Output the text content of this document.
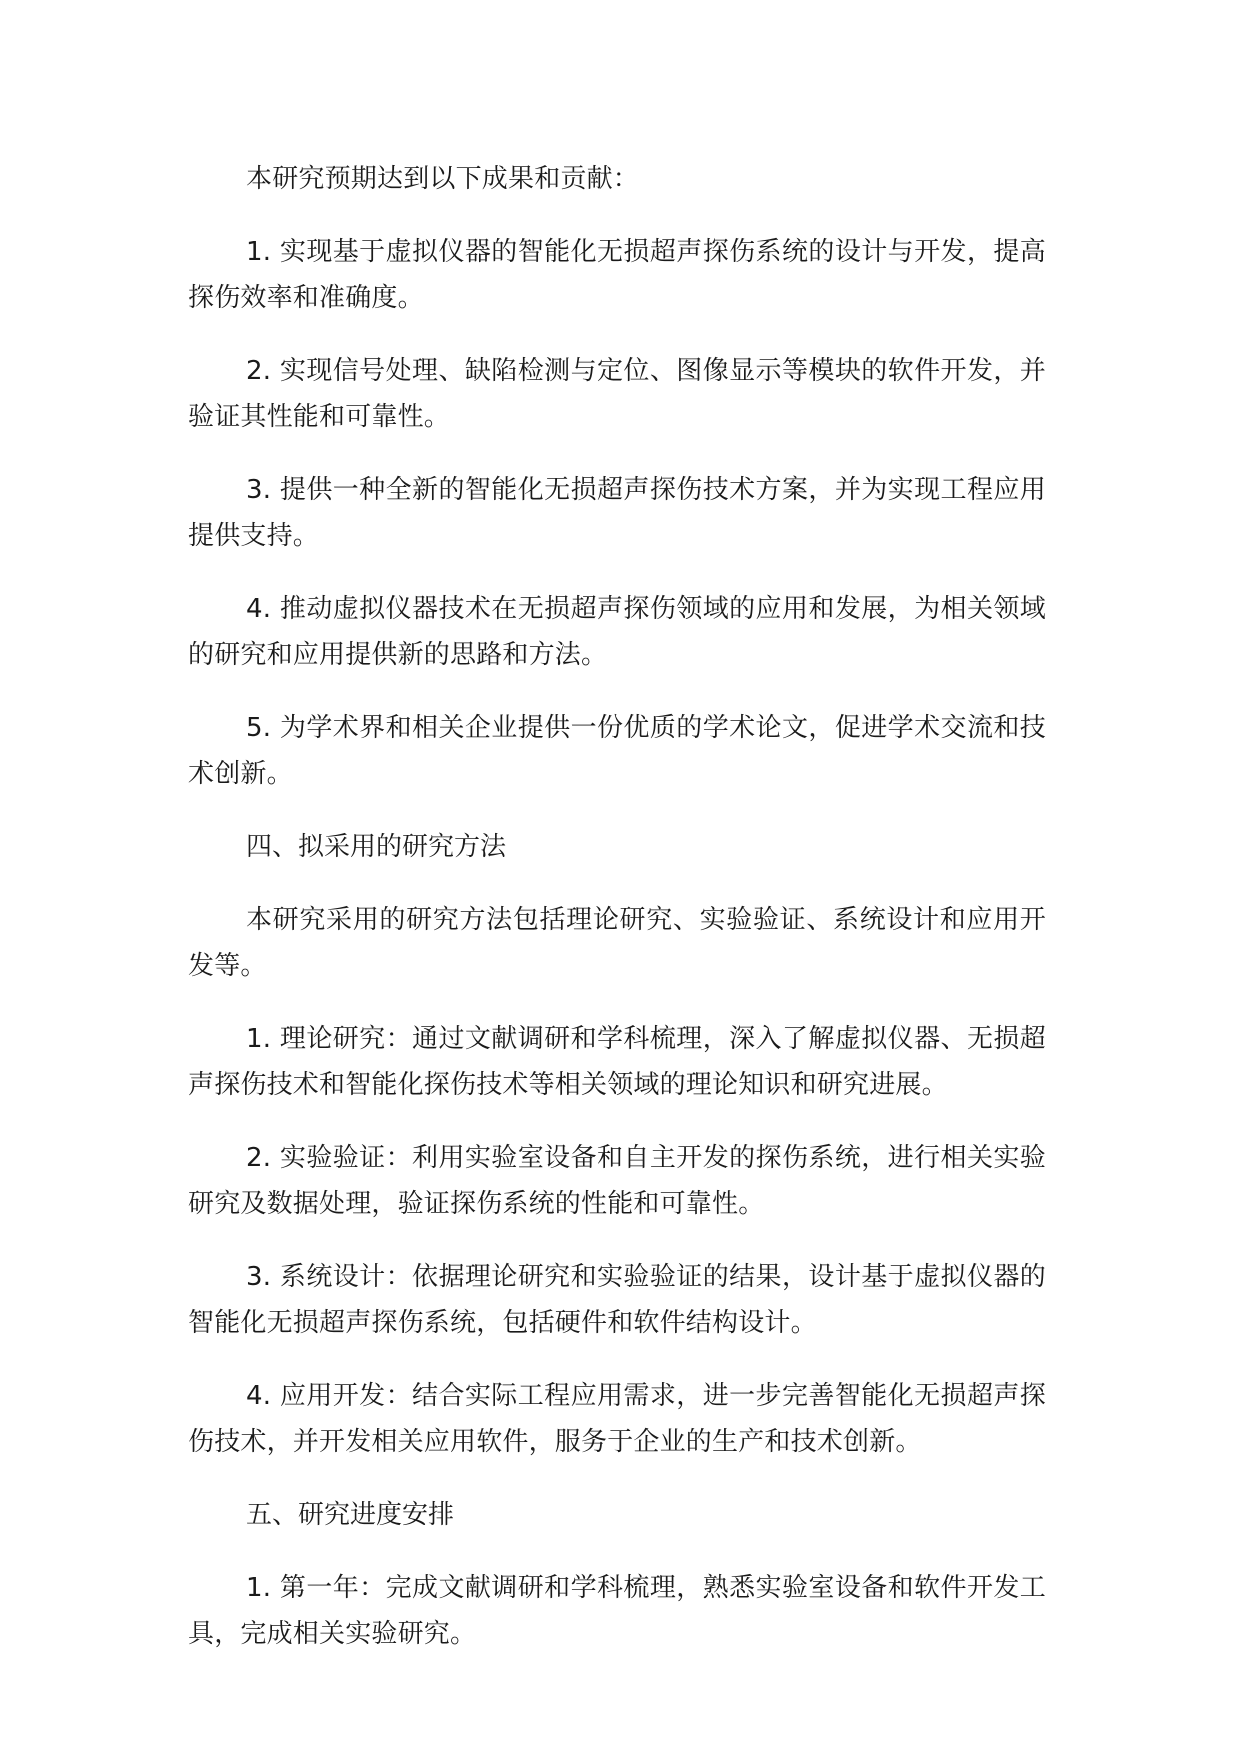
本研究预期达到以下成果和贡献：

1. 实现基于虚拟仪器的智能化无损超声探伤系统的设计与开发，提高探伤效率和准确度。

2. 实现信号处理、缺陷检测与定位、图像显示等模块的软件开发，并验证其性能和可靠性。

3. 提供一种全新的智能化无损超声探伤技术方案，并为实现工程应用提供支持。

4. 推动虚拟仪器技术在无损超声探伤领域的应用和发展，为相关领域的研究和应用提供新的思路和方法。

5. 为学术界和相关企业提供一份优质的学术论文，促进学术交流和技术创新。

四、拟采用的研究方法

本研究采用的研究方法包括理论研究、实验验证、系统设计和应用开发等。

1. 理论研究：通过文献调研和学科梳理，深入了解虚拟仪器、无损超声探伤技术和智能化探伤技术等相关领域的理论知识和研究进展。

2. 实验验证：利用实验室设备和自主开发的探伤系统，进行相关实验研究及数据处理，验证探伤系统的性能和可靠性。

3. 系统设计：依据理论研究和实验验证的结果，设计基于虚拟仪器的智能化无损超声探伤系统，包括硬件和软件结构设计。

4. 应用开发：结合实际工程应用需求，进一步完善智能化无损超声探伤技术，并开发相关应用软件，服务于企业的生产和技术创新。

五、研究进度安排

1. 第一年：完成文献调研和学科梳理，熟悉实验室设备和软件开发工具，完成相关实验研究。
